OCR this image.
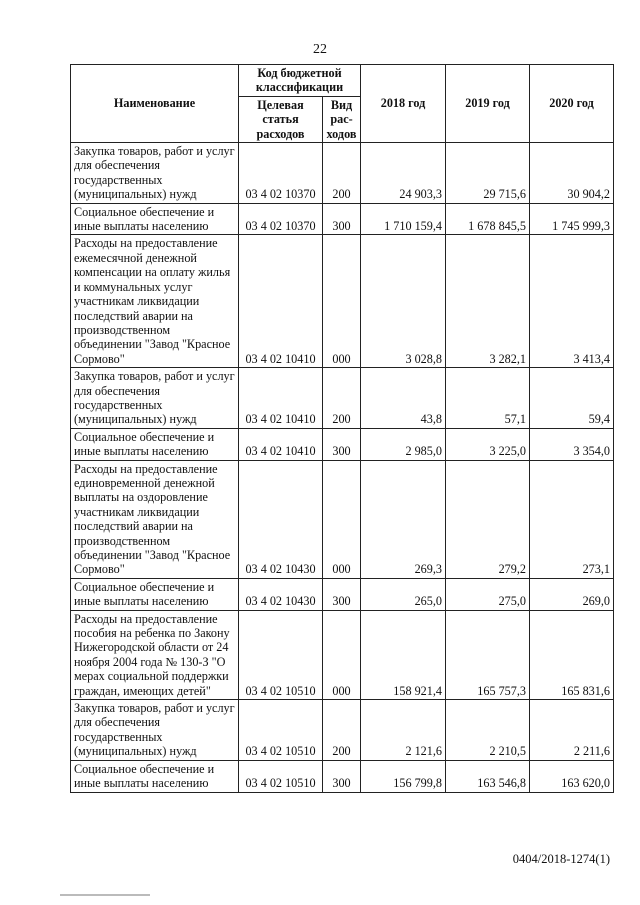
22
Наименование	Код бюджетной классификации		2018 год	2019 год	2020 год
	Целевая статья расходов	Вид рас-ходов			
Закупка товаров, работ и услуг для обеспечения государственных (муниципальных) нужд	03 4 02 10370	200	24 903,3	29 715,6	30 904,2
Социальное обеспечение и иные выплаты населению	03 4 02 10370	300	1 710 159,4	1 678 845,5	1 745 999,3
Расходы на предоставление ежемесячной денежной компенсации на оплату жилья и коммунальных услуг участникам ликвидации последствий аварии на производственном объединении "Завод "Красное Сормово"	03 4 02 10410	000	3 028,8	3 282,1	3 413,4
Закупка товаров, работ и услуг для обеспечения государственных (муниципальных) нужд	03 4 02 10410	200	43,8	57,1	59,4
Социальное обеспечение и иные выплаты населению	03 4 02 10410	300	2 985,0	3 225,0	3 354,0
Расходы на предоставление единовременной денежной выплаты на оздоровление участникам ликвидации последствий аварии на производственном объединении "Завод "Красное Сормово"	03 4 02 10430	000	269,3	279,2	273,1
Социальное обеспечение и иные выплаты населению	03 4 02 10430	300	265,0	275,0	269,0
Расходы на предоставление пособия на ребенка по Закону Нижегородской области от 24 ноября 2004 года № 130-З "О мерах социальной поддержки граждан, имеющих детей"	03 4 02 10510	000	158 921,4	165 757,3	165 831,6
Закупка товаров, работ и услуг для обеспечения государственных (муниципальных) нужд	03 4 02 10510	200	2 121,6	2 210,5	2 211,6
Социальное обеспечение и иные выплаты населению	03 4 02 10510	300	156 799,8	163 546,8	163 620,0
0404/2018-1274(1)
